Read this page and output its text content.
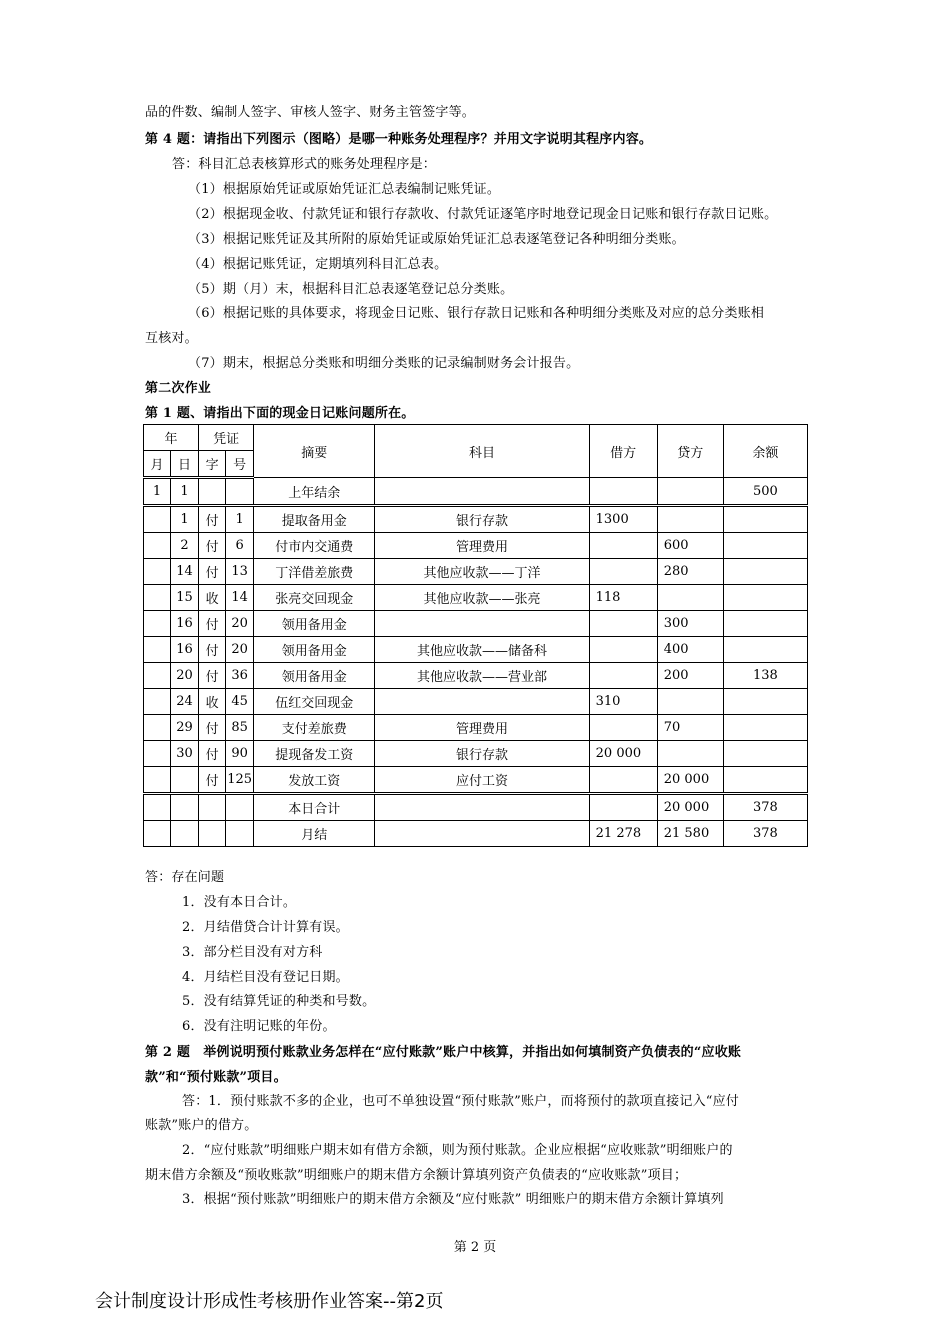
品的件数、编制人签字、审核人签字、财务主管签字等。
第 4 题：请指出下列图示（图略）是哪一种账务处理程序？并用文字说明其程序内容。
答：科目汇总表核算形式的账务处理程序是：
（1）根据原始凭证或原始凭证汇总表编制记账凭证。
（2）根据现金收、付款凭证和银行存款收、付款凭证逐笔序时地登记现金日记账和银行存款日记账。
（3）根据记账凭证及其所附的原始凭证或原始凭证汇总表逐笔登记各种明细分类账。
（4）根据记账凭证，定期填列科目汇总表。
（5）期（月）末，根据科目汇总表逐笔登记总分类账。
（6）根据记账的具体要求，将现金日记账、银行存款日记账和各种明细分类账及对应的总分类账相
互核对。
（7）期末，根据总分类账和明细分类账的记录编制财务会计报告。
第二次作业
第 1 题、请指出下面的现金日记账问题所在。
年		凭证		摘要	科目	借方	贷方	余额
月	日	字	号					
1	1			上年结余				500
	1	付	1	提取备用金	银行存款	1300		
	2	付	6	付市内交通费	管理费用		600	
	14	付	13	丁洋借差旅费	其他应收款——丁洋		280	
	15	收	14	张亮交回现金	其他应收款——张亮	118		
	16	付	20	领用备用金			300	
	16	付	20	领用备用金	其他应收款——储备科		400	
	20	付	36	领用备用金	其他应收款——营业部		200	138
	24	收	45	伍红交回现金		310		
	29	付	85	支付差旅费	管理费用		70	
	30	付	90	提现备发工资	银行存款	20 000		
		付	125	发放工资	应付工资		20 000	
				本日合计			20 000	378
				月结		21 278	21 580	378
答：存在问题
1．没有本日合计。
2．月结借贷合计计算有误。
3．部分栏目没有对方科
4．月结栏目没有登记日期。
5．没有结算凭证的种类和号数。
6．没有注明记账的年份。
第 2 题　举例说明预付账款业务怎样在“应付账款”账户中核算，并指出如何填制资产负债表的“应收账
款”和“预付账款”项目。
答：1．预付账款不多的企业，也可不单独设置“预付账款”账户，而将预付的款项直接记入“应付
账款”账户的借方。
2．“应付账款”明细账户期末如有借方余额，则为预付账款。企业应根据“应收账款”明细账户的
期末借方余额及“预收账款”明细账户的期末借方余额计算填列资产负债表的“应收账款”项目；
3．根据“预付账款”明细账户的期末借方余额及“应付账款” 明细账户的期末借方余额计算填列
第 2 页
会计制度设计形成性考核册作业答案--第2页
